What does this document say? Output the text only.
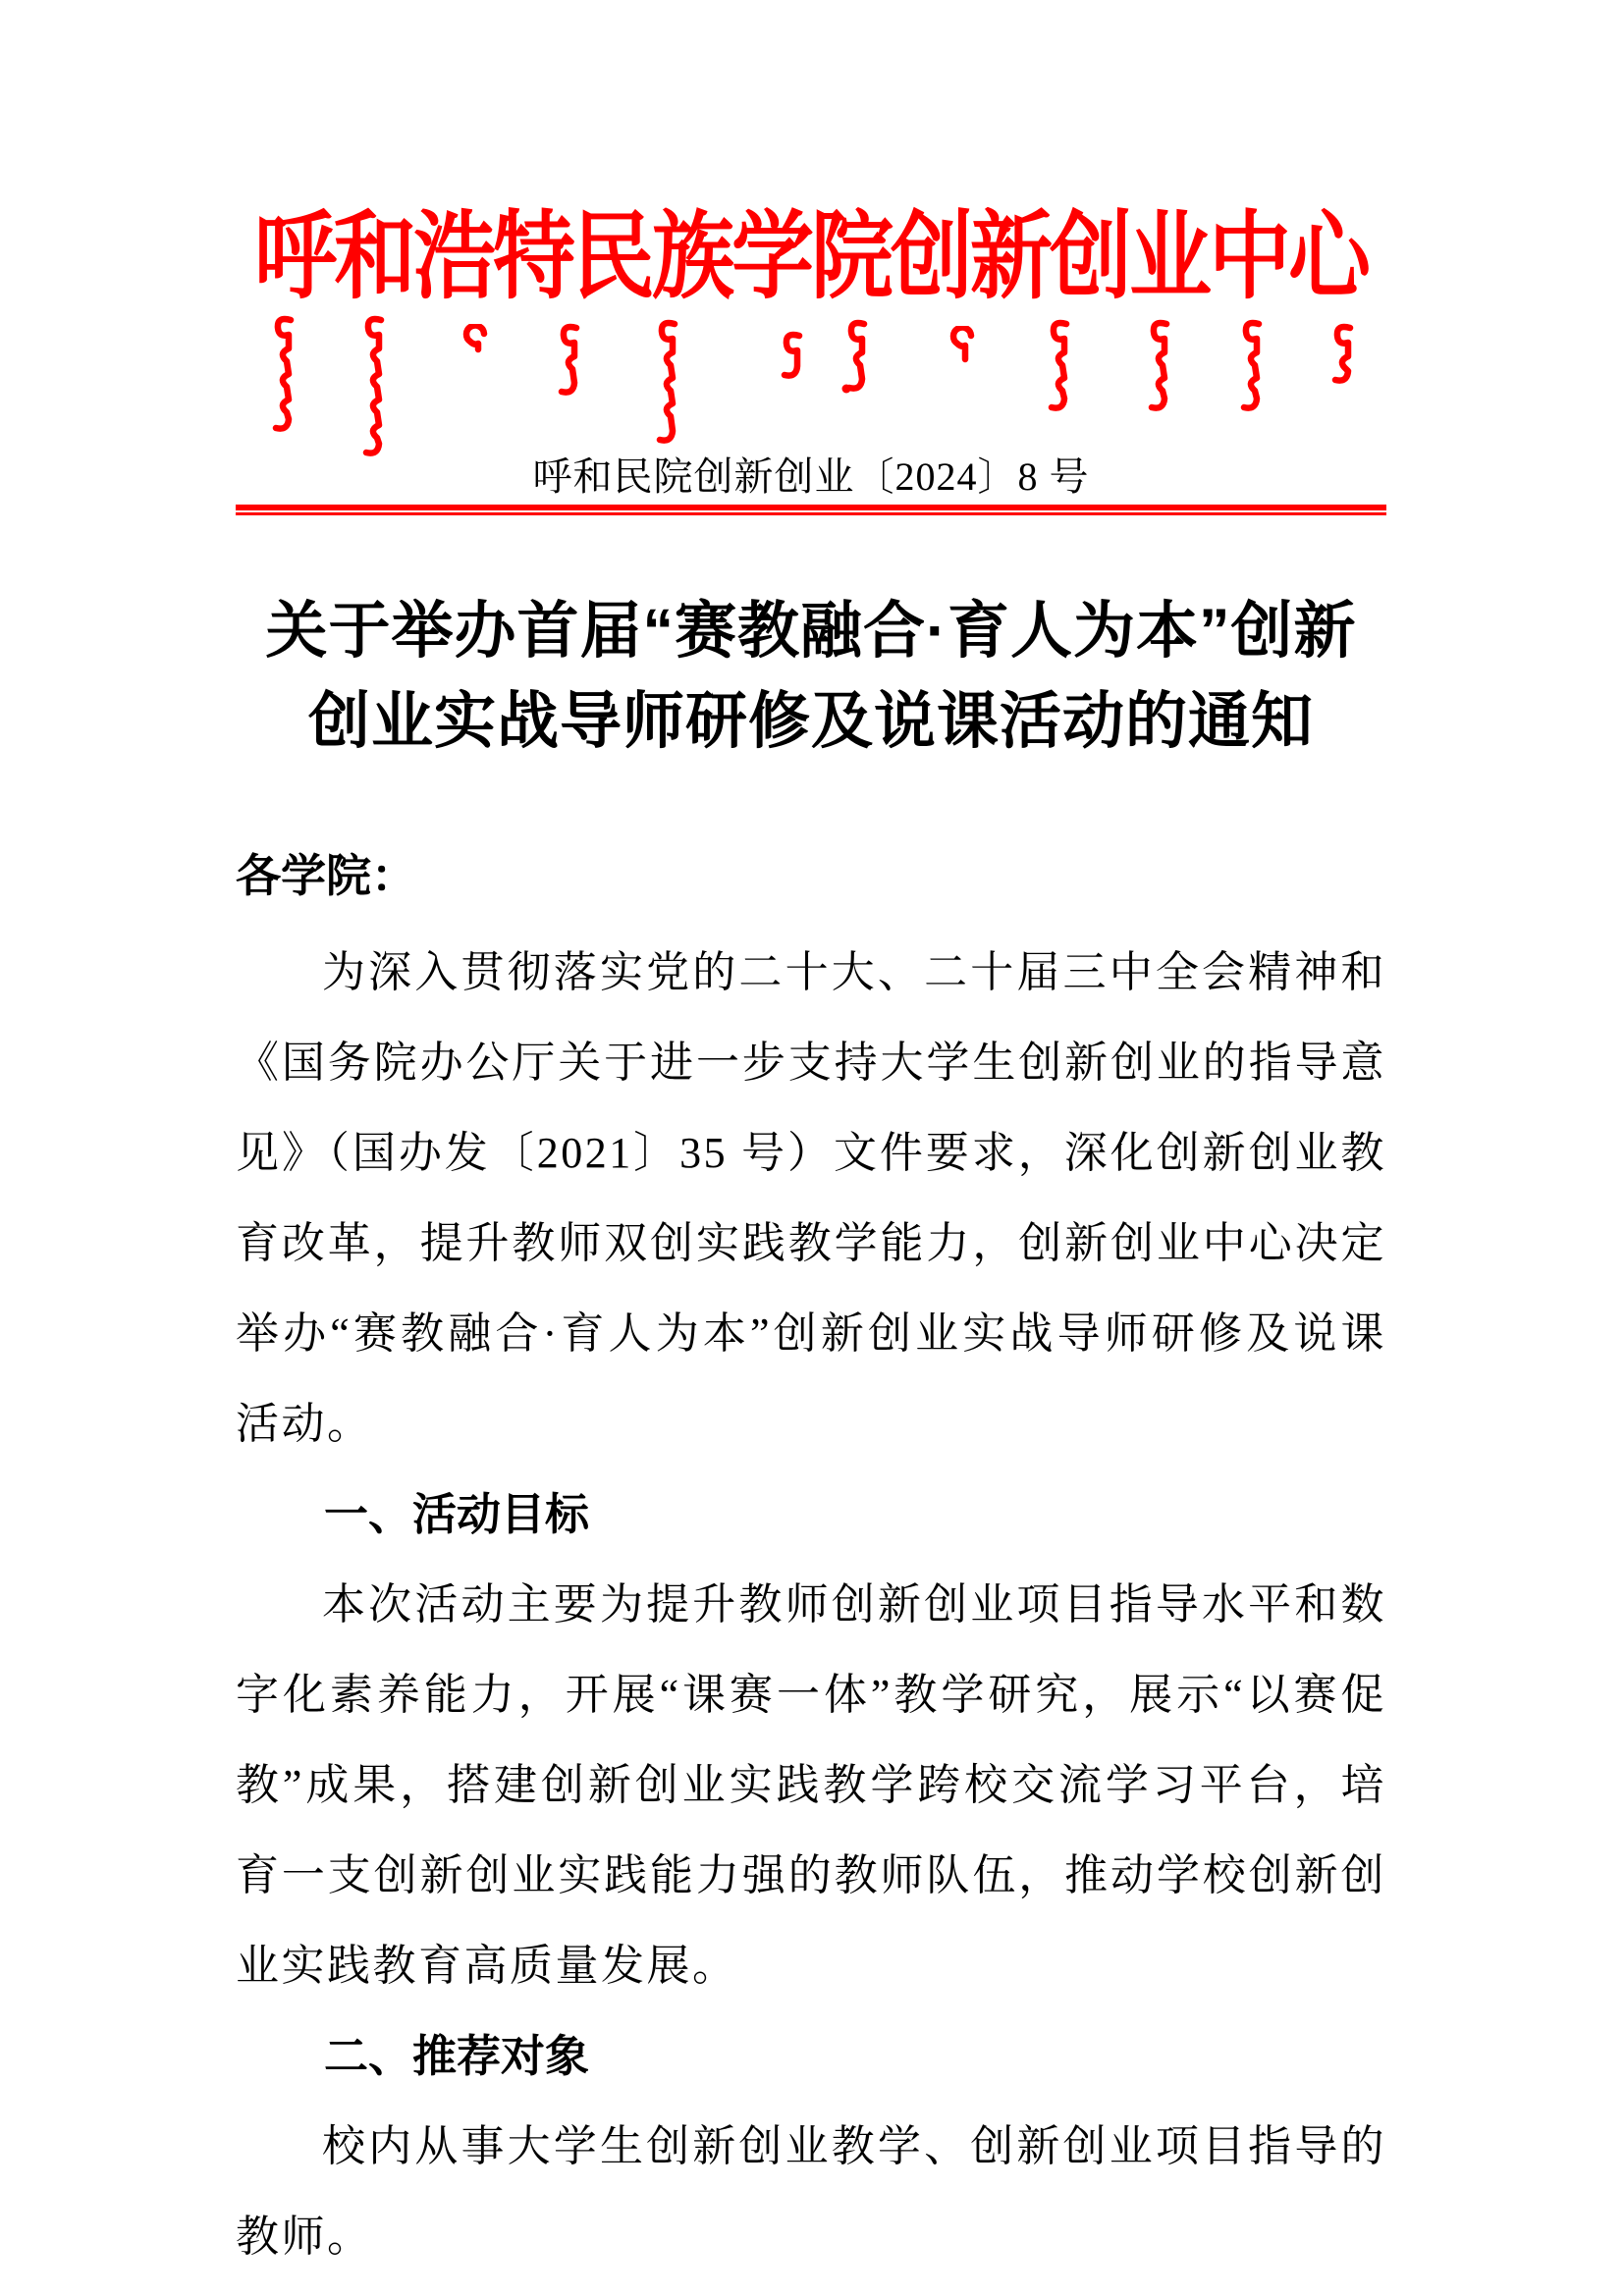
呼和浩特民族学院创新创业中心
呼和民院创新创业〔2024〕8 号
关于举办首届“赛教融合·育人为本”创新
创业实战导师研修及说课活动的通知
各学院：

为深入贯彻落实党的二十大、二十届三中全会精神和《国务院办公厅关于进一步支持大学生创新创业的指导意见》（国办发〔2021〕35 号）文件要求，深化创新创业教育改革，提升教师双创实践教学能力，创新创业中心决定举办“赛教融合·育人为本”创新创业实战导师研修及说课活动。

一、活动目标

本次活动主要为提升教师创新创业项目指导水平和数字化素养能力，开展“课赛一体”教学研究，展示“以赛促教”成果，搭建创新创业实践教学跨校交流学习平台，培育一支创新创业实践能力强的教师队伍，推动学校创新创业实践教育高质量发展。

二、推荐对象

校内从事大学生创新创业教学、创新创业项目指导的教师。
